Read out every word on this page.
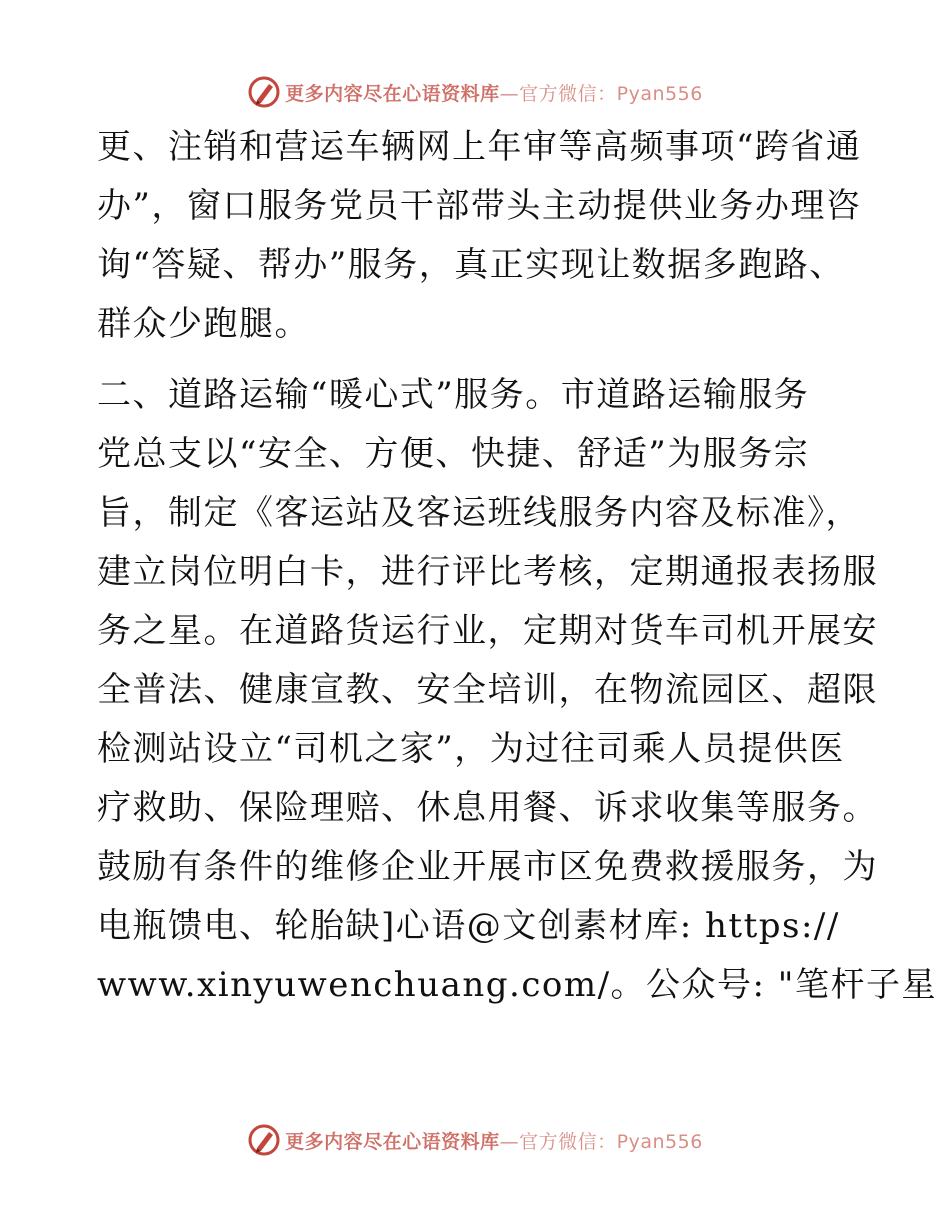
更多内容尽在心语资料库 —官方微信：Pyan556
更、注销和营运车辆网上年审等高频事项“跨省通
办”，窗口服务党员干部带头主动提供业务办理咨
询“答疑、帮办”服务，真正实现让数据多跑路、
群众少跑腿。
二、道路运输“暖心式”服务。市道路运输服务
党总支以“安全、方便、快捷、舒适”为服务宗
旨，制定《客运站及客运班线服务内容及标准》，
建立岗位明白卡，进行评比考核，定期通报表扬服
务之星。在道路货运行业，定期对货车司机开展安
全普法、健康宣教、安全培训，在物流园区、超限
检测站设立“司机之家”，为过往司乘人员提供医
疗救助、保险理赔、休息用餐、诉求收集等服务。
鼓励有条件的维修企业开展市区免费救援服务，为
电瓶馈电、轮胎缺]心语@文创素材库: https://
www.xinyuwenchuang.com/。公众号: "笔杆子星
更多内容尽在心语资料库 —官方微信：Pyan556
